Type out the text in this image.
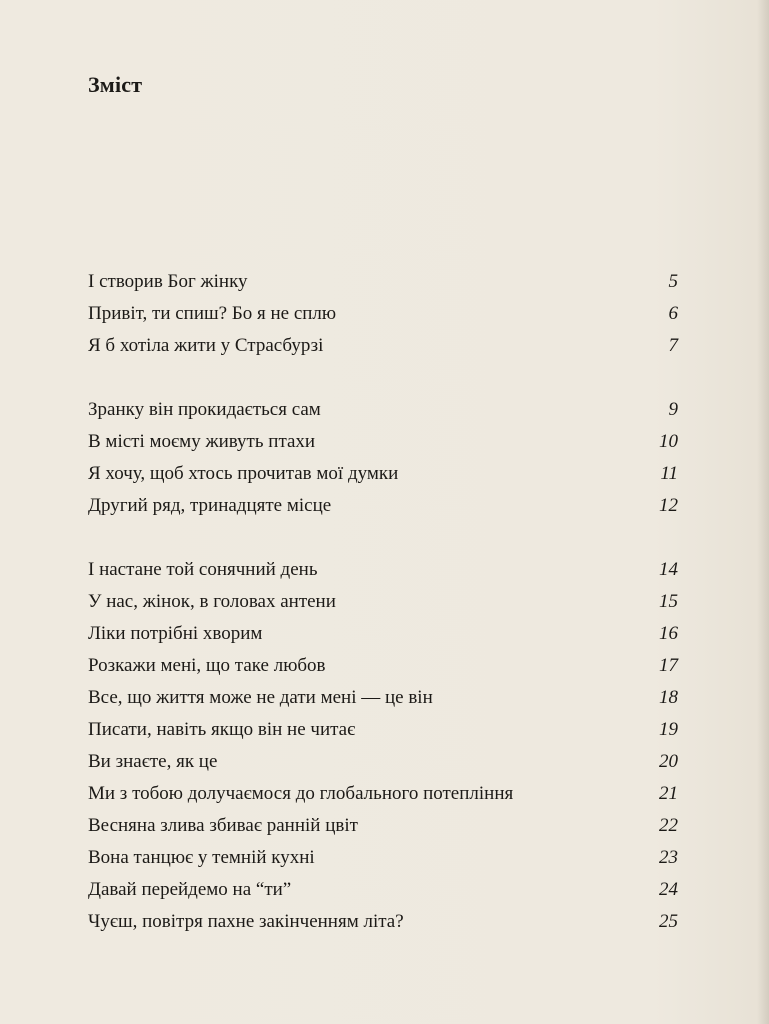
Зміст
І створив Бог жінку	5
Привіт, ти спиш? Бо я не сплю	6
Я б хотіла жити у Страсбурзі	7
Зранку він прокидається сам	9
В місті моєму живуть птахи	10
Я хочу, щоб хтось прочитав мої думки	11
Другий ряд, тринадцяте місце	12
І настане той сонячний день	14
У нас, жінок, в головах антени	15
Ліки потрібні хворим	16
Розкажи мені, що таке любов	17
Все, що життя може не дати мені — це він	18
Писати, навіть якщо він не читає	19
Ви знаєте, як це	20
Ми з тобою долучаємося до глобального потепління	21
Весняна злива збиває ранній цвіт	22
Вона танцює у темній кухні	23
Давай перейдемо на “ти”	24
Чуєш, повітря пахне закінченням літа?	25
